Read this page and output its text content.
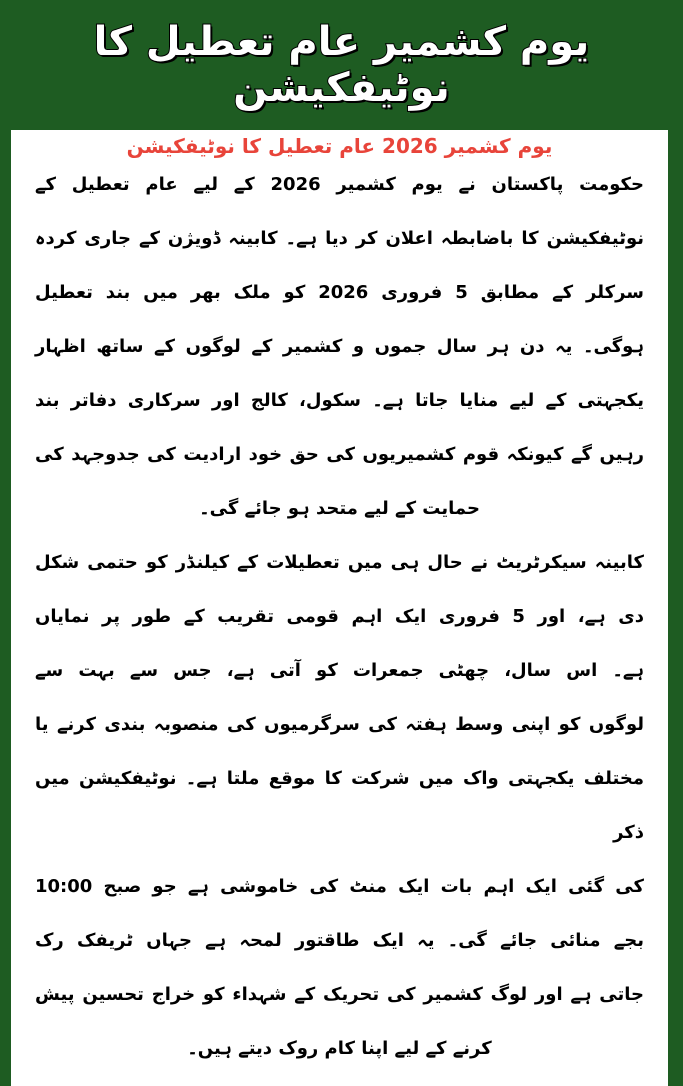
یوم کشمیر عام تعطیل کا نوٹیفکیشن
یوم کشمیر 2026 عام تعطیل کا نوٹیفکیشن
حکومت پاکستان نے یوم کشمیر 2026 کے لیے عام تعطیل کے
نوٹیفکیشن کا باضابطہ اعلان کر دیا ہے۔ کابینہ ڈویژن کے جاری کردہ
سرکلر کے مطابق 5 فروری 2026 کو ملک بھر میں بند تعطیل
ہوگی۔ یہ دن ہر سال جموں و کشمیر کے لوگوں کے ساتھ اظہار
یکجہتی کے لیے منایا جاتا ہے۔ سکول، کالج اور سرکاری دفاتر بند
رہیں گے کیونکہ قوم کشمیریوں کی حق خود ارادیت کی جدوجہد کی
حمایت کے لیے متحد ہو جائے گی۔
کابینہ سیکرٹریٹ نے حال ہی میں تعطیلات کے کیلنڈر کو حتمی شکل
دی ہے، اور 5 فروری ایک اہم قومی تقریب کے طور پر نمایاں
ہے۔ اس سال، چھٹی جمعرات کو آتی ہے، جس سے بہت سے
لوگوں کو اپنی وسط ہفتہ کی سرگرمیوں کی منصوبہ بندی کرنے یا
مختلف یکجہتی واک میں شرکت کا موقع ملتا ہے۔ نوٹیفکیشن میں ذکر
کی گئی ایک اہم بات ایک منٹ کی خاموشی ہے جو صبح 10:00
بجے منائی جائے گی۔ یہ ایک طاقتور لمحہ ہے جہاں ٹریفک رک
جاتی ہے اور لوگ کشمیر کی تحریک کے شہداء کو خراج تحسین پیش
کرنے کے لیے اپنا کام روک دیتے ہیں۔
